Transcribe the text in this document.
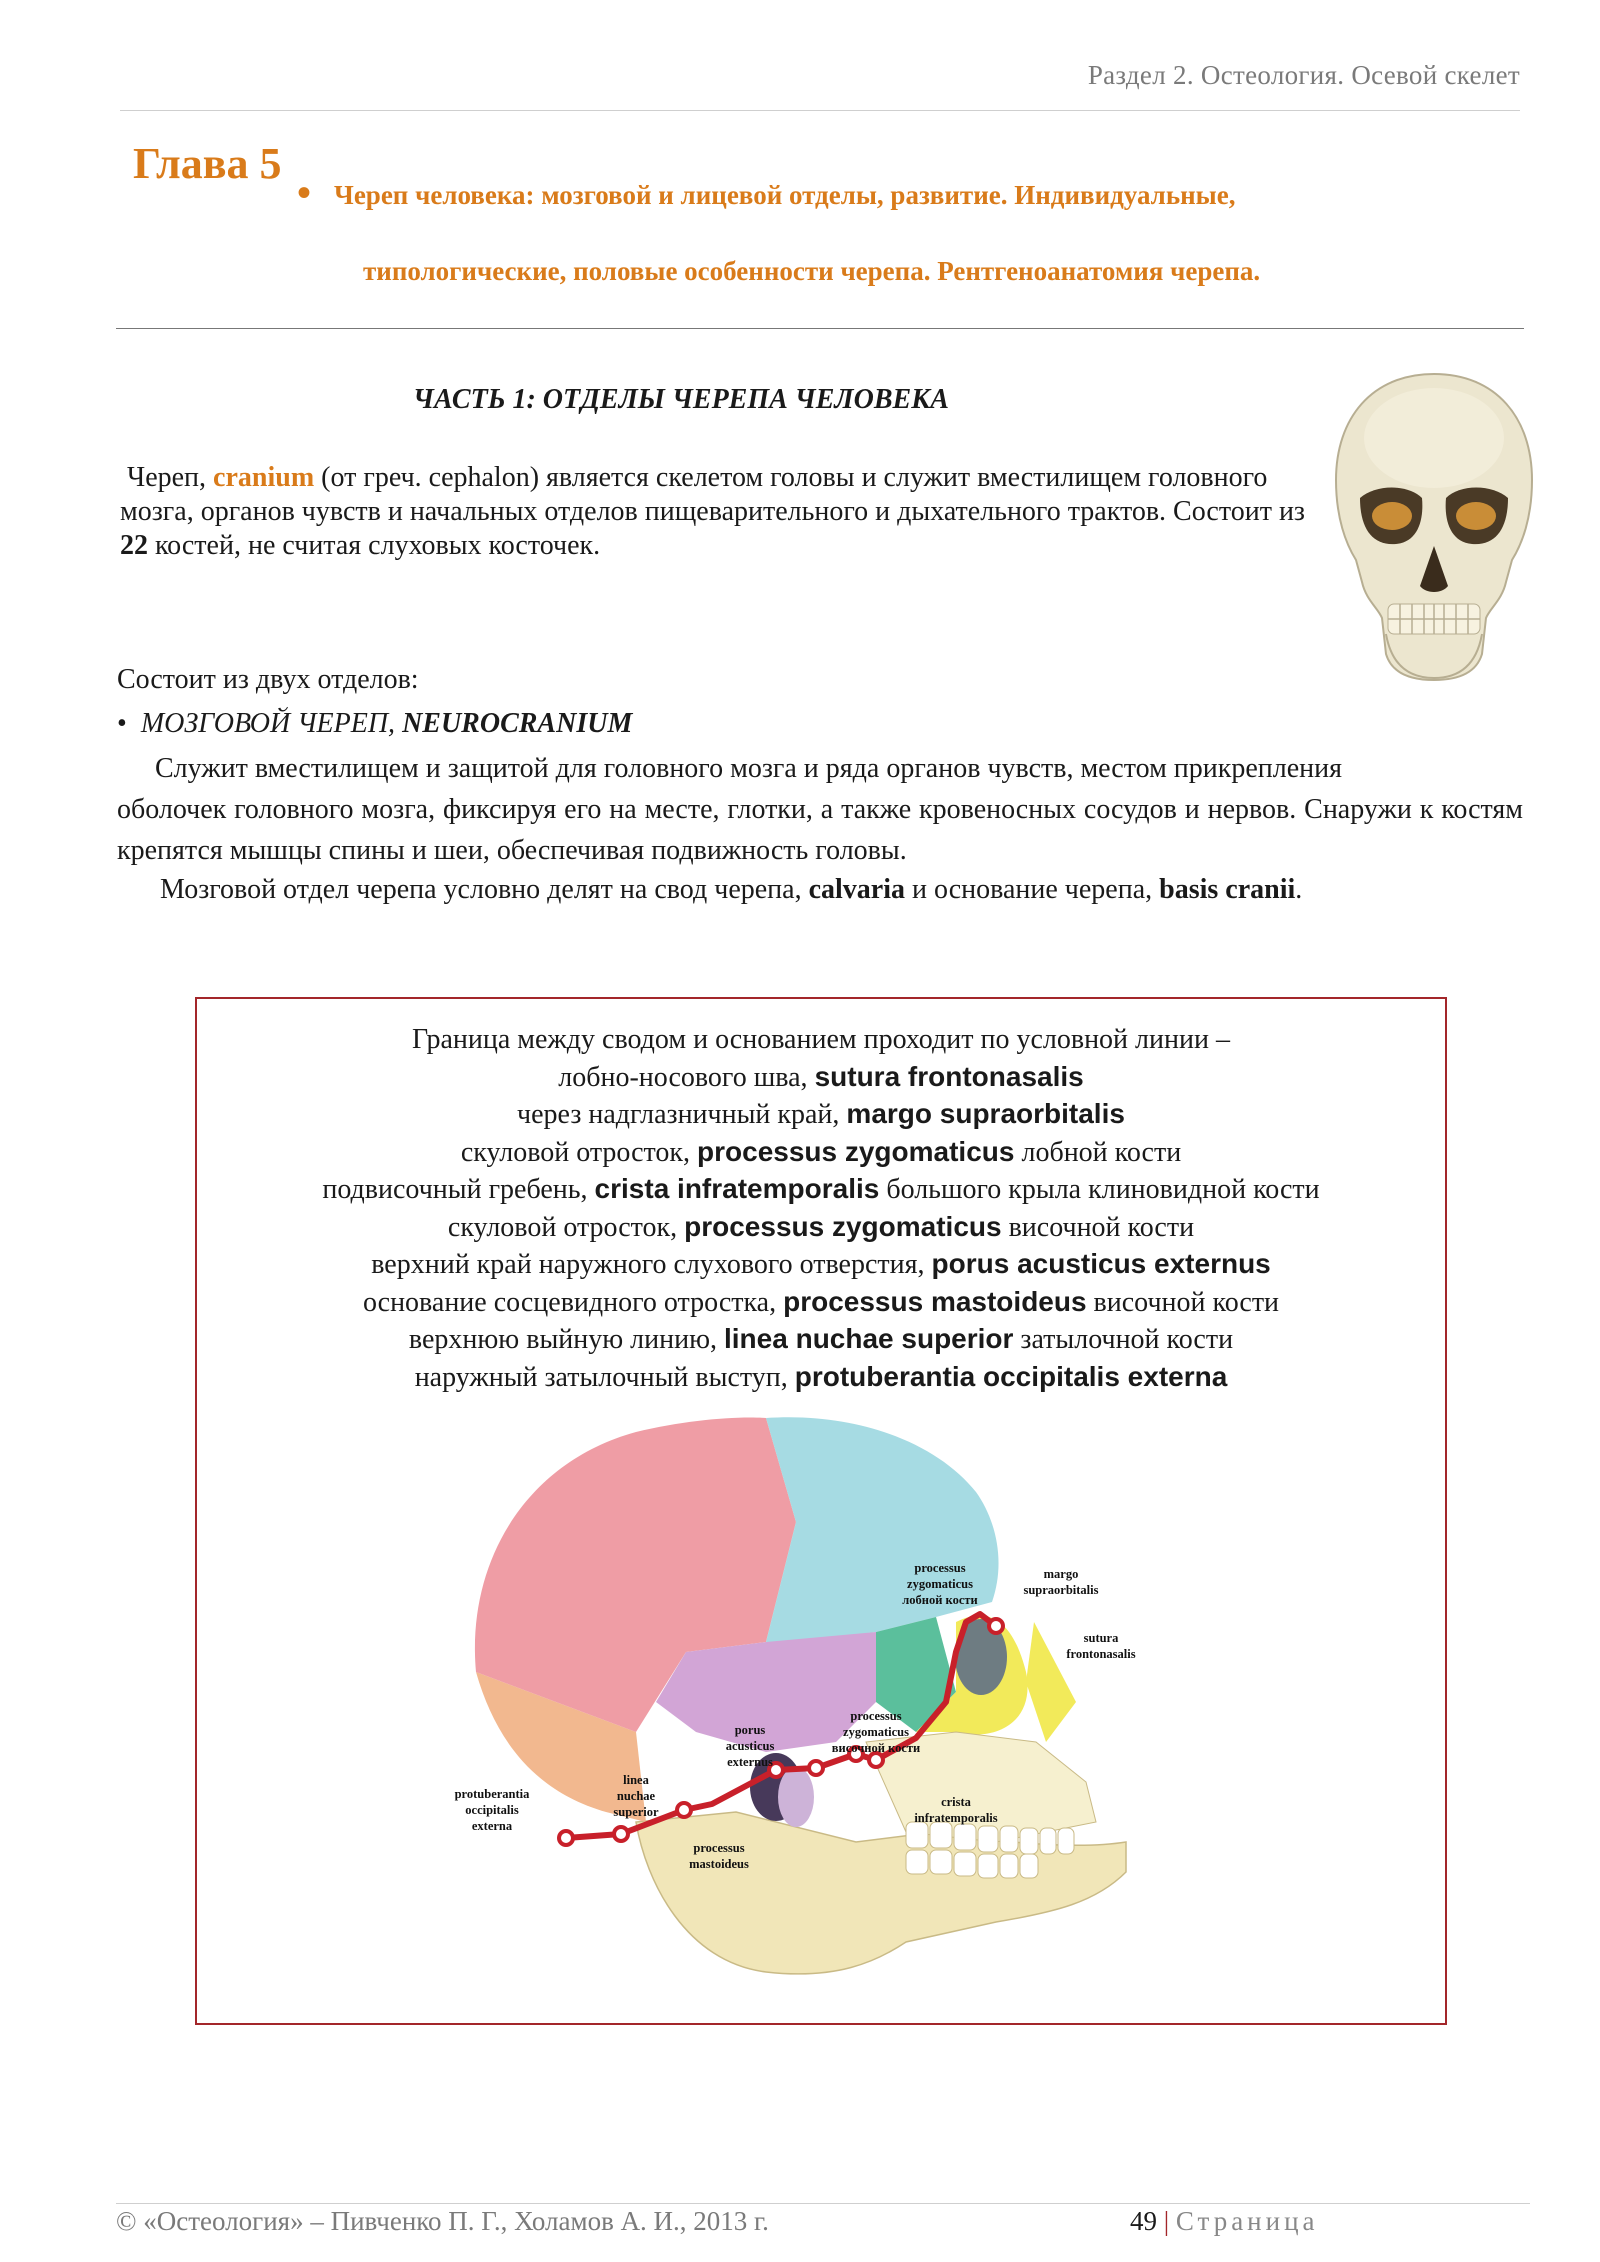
Раздел 2. Остеология. Осевой скелет
Глава 5
• Череп человека: мозговой и лицевой отделы, развитие. Индивидуальные,
типологические, половые особенности черепа. Рентгеноанатомия черепа.
ЧАСТЬ 1: ОТДЕЛЫ ЧЕРЕПА ЧЕЛОВЕКА
Череп, cranium (от греч. cephalon) является скелетом головы и служит вместилищем головного мозга, органов чувств и начальных отделов пищеварительного и дыхательного трактов. Состоит из 22 костей, не считая слуховых косточек.
Состоит из двух отделов:
• МОЗГОВОЙ ЧЕРЕП, NEUROCRANIUM
Служит вместилищем и защитой для головного мозга и ряда органов чувств, местом прикрепления
оболочек головного мозга, фиксируя его на месте, глотки, а также кровеносных сосудов и нервов. Снаружи к костям крепятся мышцы спины и шеи, обеспечивая подвижность головы.
Мозговой отдел черепа условно делят на свод черепа, calvaria и основание черепа, basis cranii.
Граница между сводом и основанием проходит по условной линии –
лобно-носового шва, sutura frontonasalis
через надглазничный край, margo supraorbitalis
скуловой отросток, processus zygomaticus лобной кости
подвисочный гребень, crista infratemporalis большого крыла клиновидной кости
скуловой отросток, processus zygomaticus височной кости
верхний край наружного слухового отверстия, porus acusticus externus
основание сосцевидного отростка, processus mastoideus височной кости
верхнюю выйную линию, linea nuchae superior затылочной кости
наружный затылочный выступ, protuberantia occipitalis externa
protuberantia occipitalis externa
linea nuchae superior
porus acusticus externus
processus mastoideus
processus zygomaticus височной кости
crista infratemporalis
processus zygomaticus лобной кости
margo supraorbitalis
sutura frontonasalis
© «Остеология» – Пивченко П. Г., Холамов А. И., 2013 г.	49 | Страница
